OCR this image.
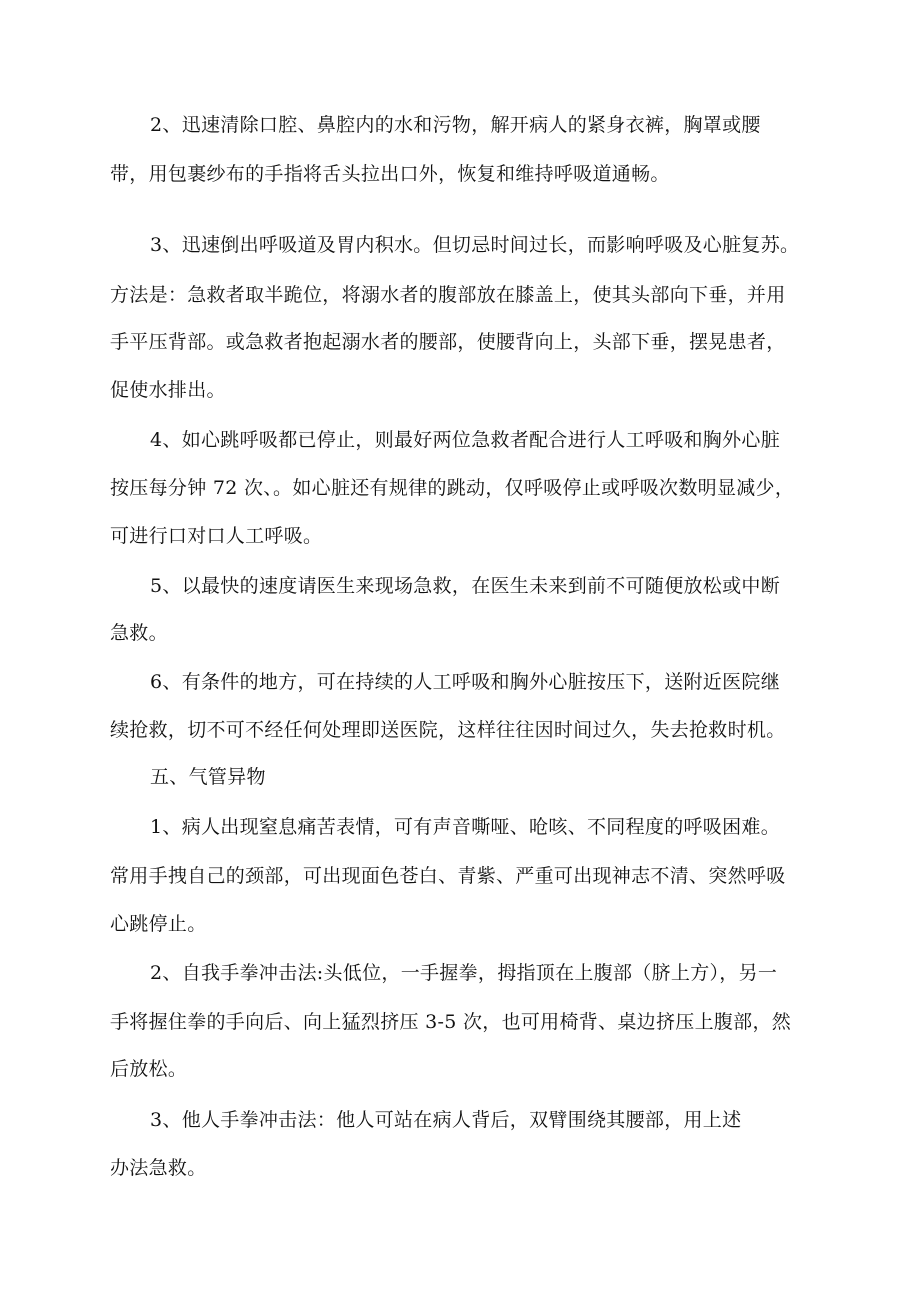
2、迅速清除口腔、鼻腔内的水和污物，解开病人的紧身衣裤，胸罩或腰
带，用包裹纱布的手指将舌头拉出口外，恢复和维持呼吸道通畅。
3、迅速倒出呼吸道及胃内积水。但切忌时间过长，而影响呼吸及心脏复苏。
方法是：急救者取半跪位，将溺水者的腹部放在膝盖上，使其头部向下垂，并用
手平压背部。或急救者抱起溺水者的腰部，使腰背向上，头部下垂，摆晃患者，
促使水排出。
4、如心跳呼吸都已停止，则最好两位急救者配合进行人工呼吸和胸外心脏
按压每分钟 72 次、。如心脏还有规律的跳动，仅呼吸停止或呼吸次数明显减少，
可进行口对口人工呼吸。
5、以最快的速度请医生来现场急救，在医生未来到前不可随便放松或中断
急救。
6、有条件的地方，可在持续的人工呼吸和胸外心脏按压下，送附近医院继
续抢救，切不可不经任何处理即送医院，这样往往因时间过久，失去抢救时机。
五、气管异物
1、病人出现窒息痛苦表情，可有声音嘶哑、呛咳、不同程度的呼吸困难。
常用手拽自己的颈部，可出现面色苍白、青紫、严重可出现神志不清、突然呼吸
心跳停止。
2、自我手拳冲击法:头低位，一手握拳，拇指顶在上腹部（脐上方），另一
手将握住拳的手向后、向上猛烈挤压 3-5 次，也可用椅背、桌边挤压上腹部，然
后放松。
3、他人手拳冲击法：他人可站在病人背后，双臂围绕其腰部，用上述
办法急救。
